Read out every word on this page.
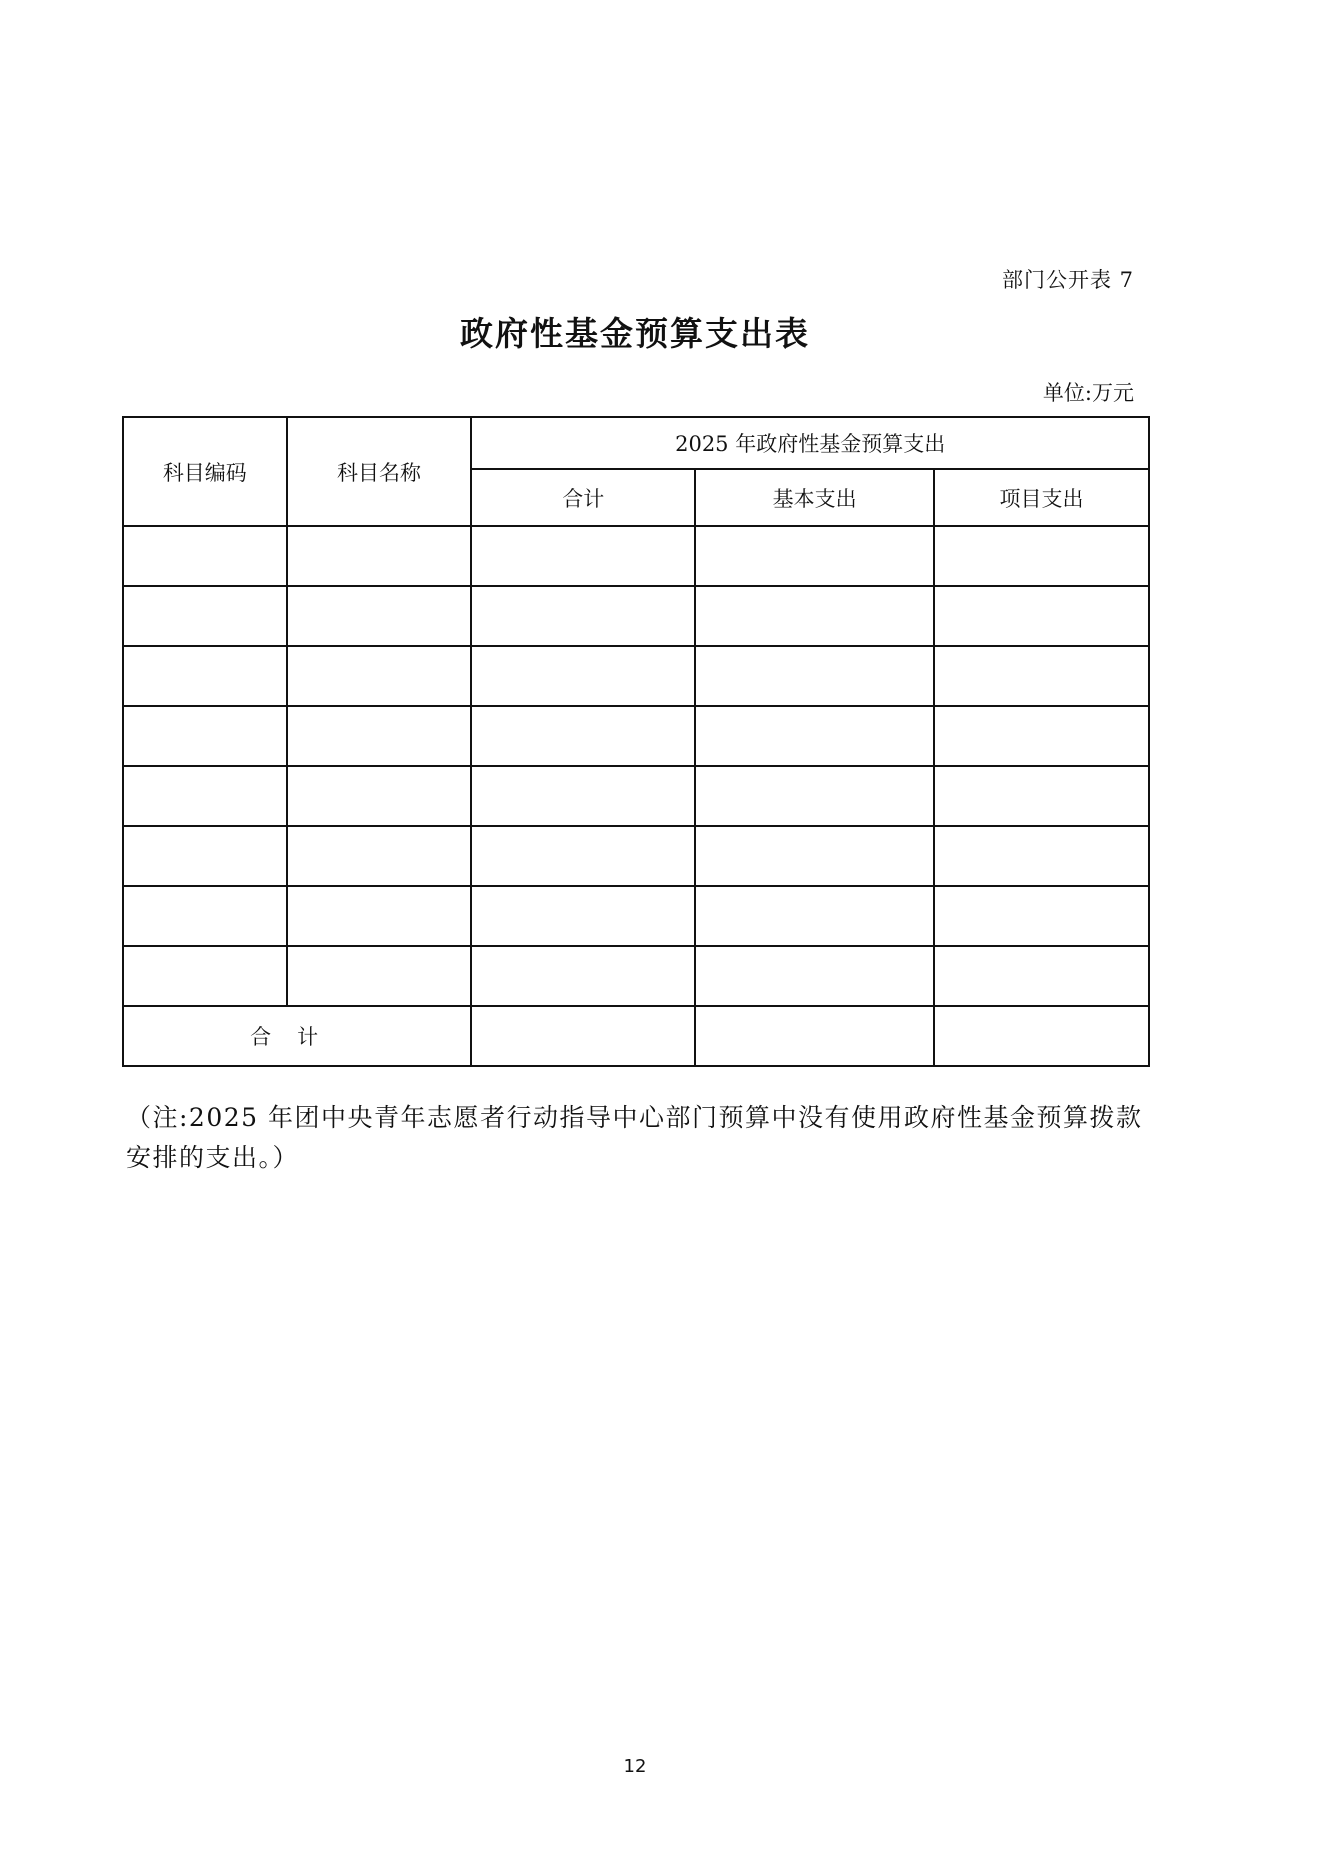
部门公开表 7
政府性基金预算支出表
单位:万元
科目编码	科目名称	2025 年政府性基金预算支出		
		合计	基本支出	项目支出

合计				
（注:2025 年团中央青年志愿者行动指导中心部门预算中没有使用政府性基金预算拨款安排的支出。）
12
